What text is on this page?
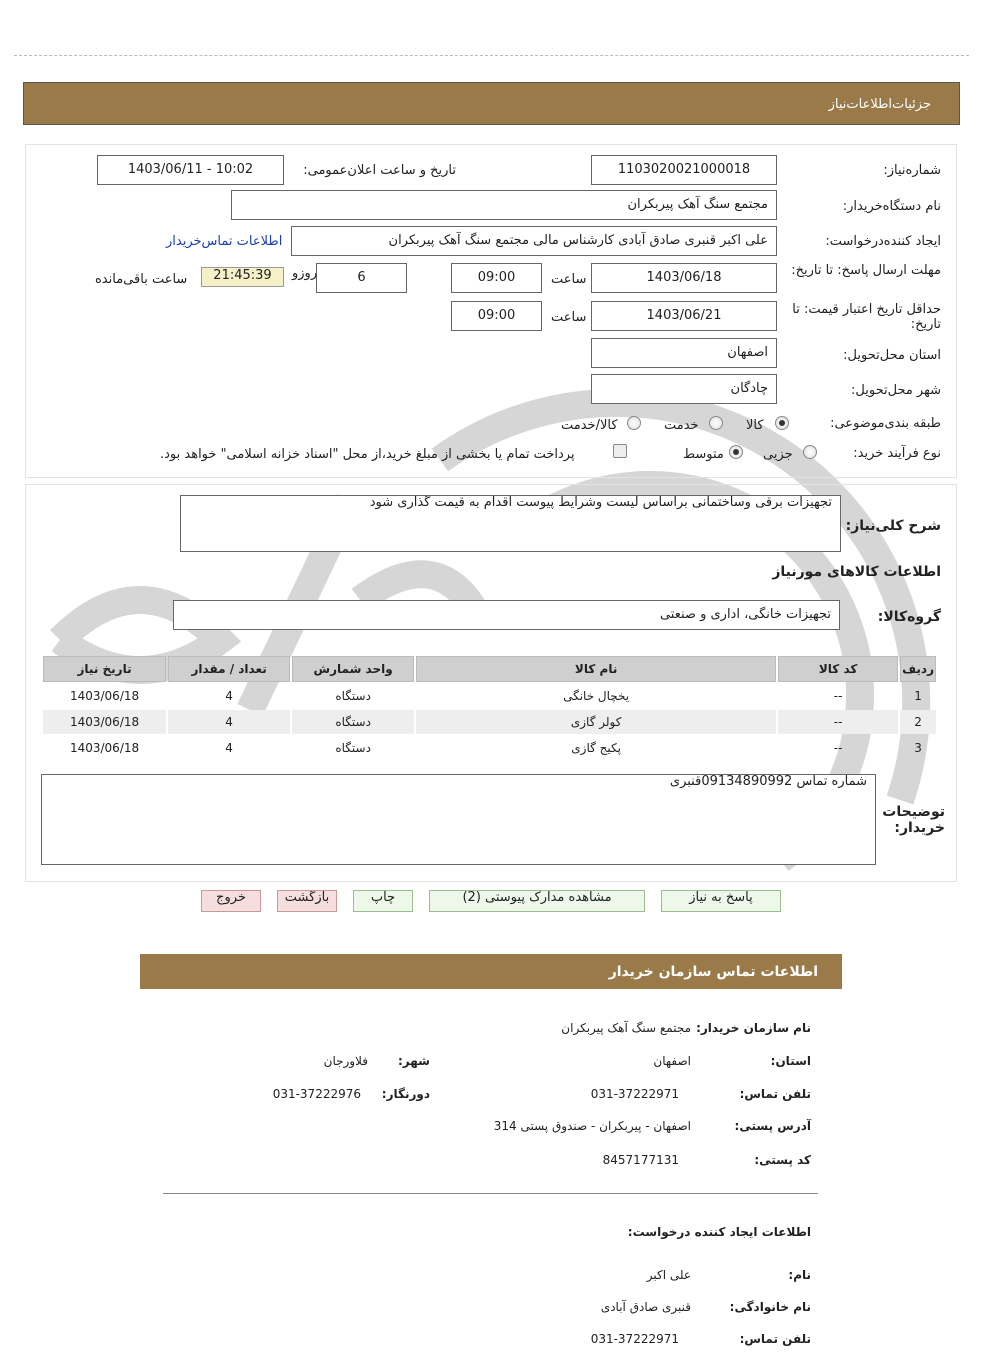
جزئیات‌اطلاعات‌نیاز
شمارەنیاز:
1103020021000018
تاریخ و ساعت اعلان‌عمومی:
1403/06/11 - 10:02
نام دستگاەخریدار:
مجتمع سنگ آهک پیربکران
ایجاد کنندەدرخواست:
علی اکبر قنبری صادق آبادی کارشناس مالی مجتمع سنگ آهک پیربکران
اطلاعات تماس‌خریدار
مهلت ارسال پاسخ: تا تاریخ:
1403/06/18
ساعت
09:00
6
روزو
21:45:39
ساعت باقی‌مانده
حداقل تاریخ اعتبار قیمت: تا تاریخ:
1403/06/21
ساعت
09:00
استان محل‌تحویل:
اصفهان
شهر محل‌تحویل:
چادگان
طبقه بندی‌موضوعی:
کالا
خدمت
کالا/خدمت
نوع فرآیند خرید:
جزیی
متوسط
پرداخت تمام یا بخشی از مبلغ خرید،از محل "اسناد خزانه اسلامی" خواهد بود.
شرح کلی‌نیاز:
تجهیزات برقی وساختمانی براساس لیست وشرایط پیوست اقدام به قیمت گذاری شود
اطلاعات کالاهای مورنیاز
گروەکالا:
تجهیزات خانگی، اداری و صنعتی
ردیف	کد کالا	نام کالا	واحد شمارش	تعداد / مقدار	تاریخ نیاز
1	--	یخچال خانگی	دستگاه	4	1403/06/18
2	--	کولر گازی	دستگاه	4	1403/06/18
3	--	پکیج گازی	دستگاه	4	1403/06/18
توضیحات خریدار:
شماره تماس 09134890992قنبری
پاسخ به نیاز
مشاهده مدارک پیوستی (2)
چاپ
بازگشت
خروج
اطلاعات تماس سازمان خریدار
نام سازمان خریدار:
مجتمع سنگ آهک پیربکران
استان:
اصفهان
شهر:
فلاورجان
تلفن تماس:
031-37222971
دورنگار:
031-37222976
آدرس پستی:
اصفهان - پیربکران - صندوق پستی 314
کد پستی:
8457177131
اطلاعات ایجاد کننده درخواست:
نام:
علی اکبر
نام خانوادگی:
قنبری صادق آبادی
تلفن تماس:
031-37222971
